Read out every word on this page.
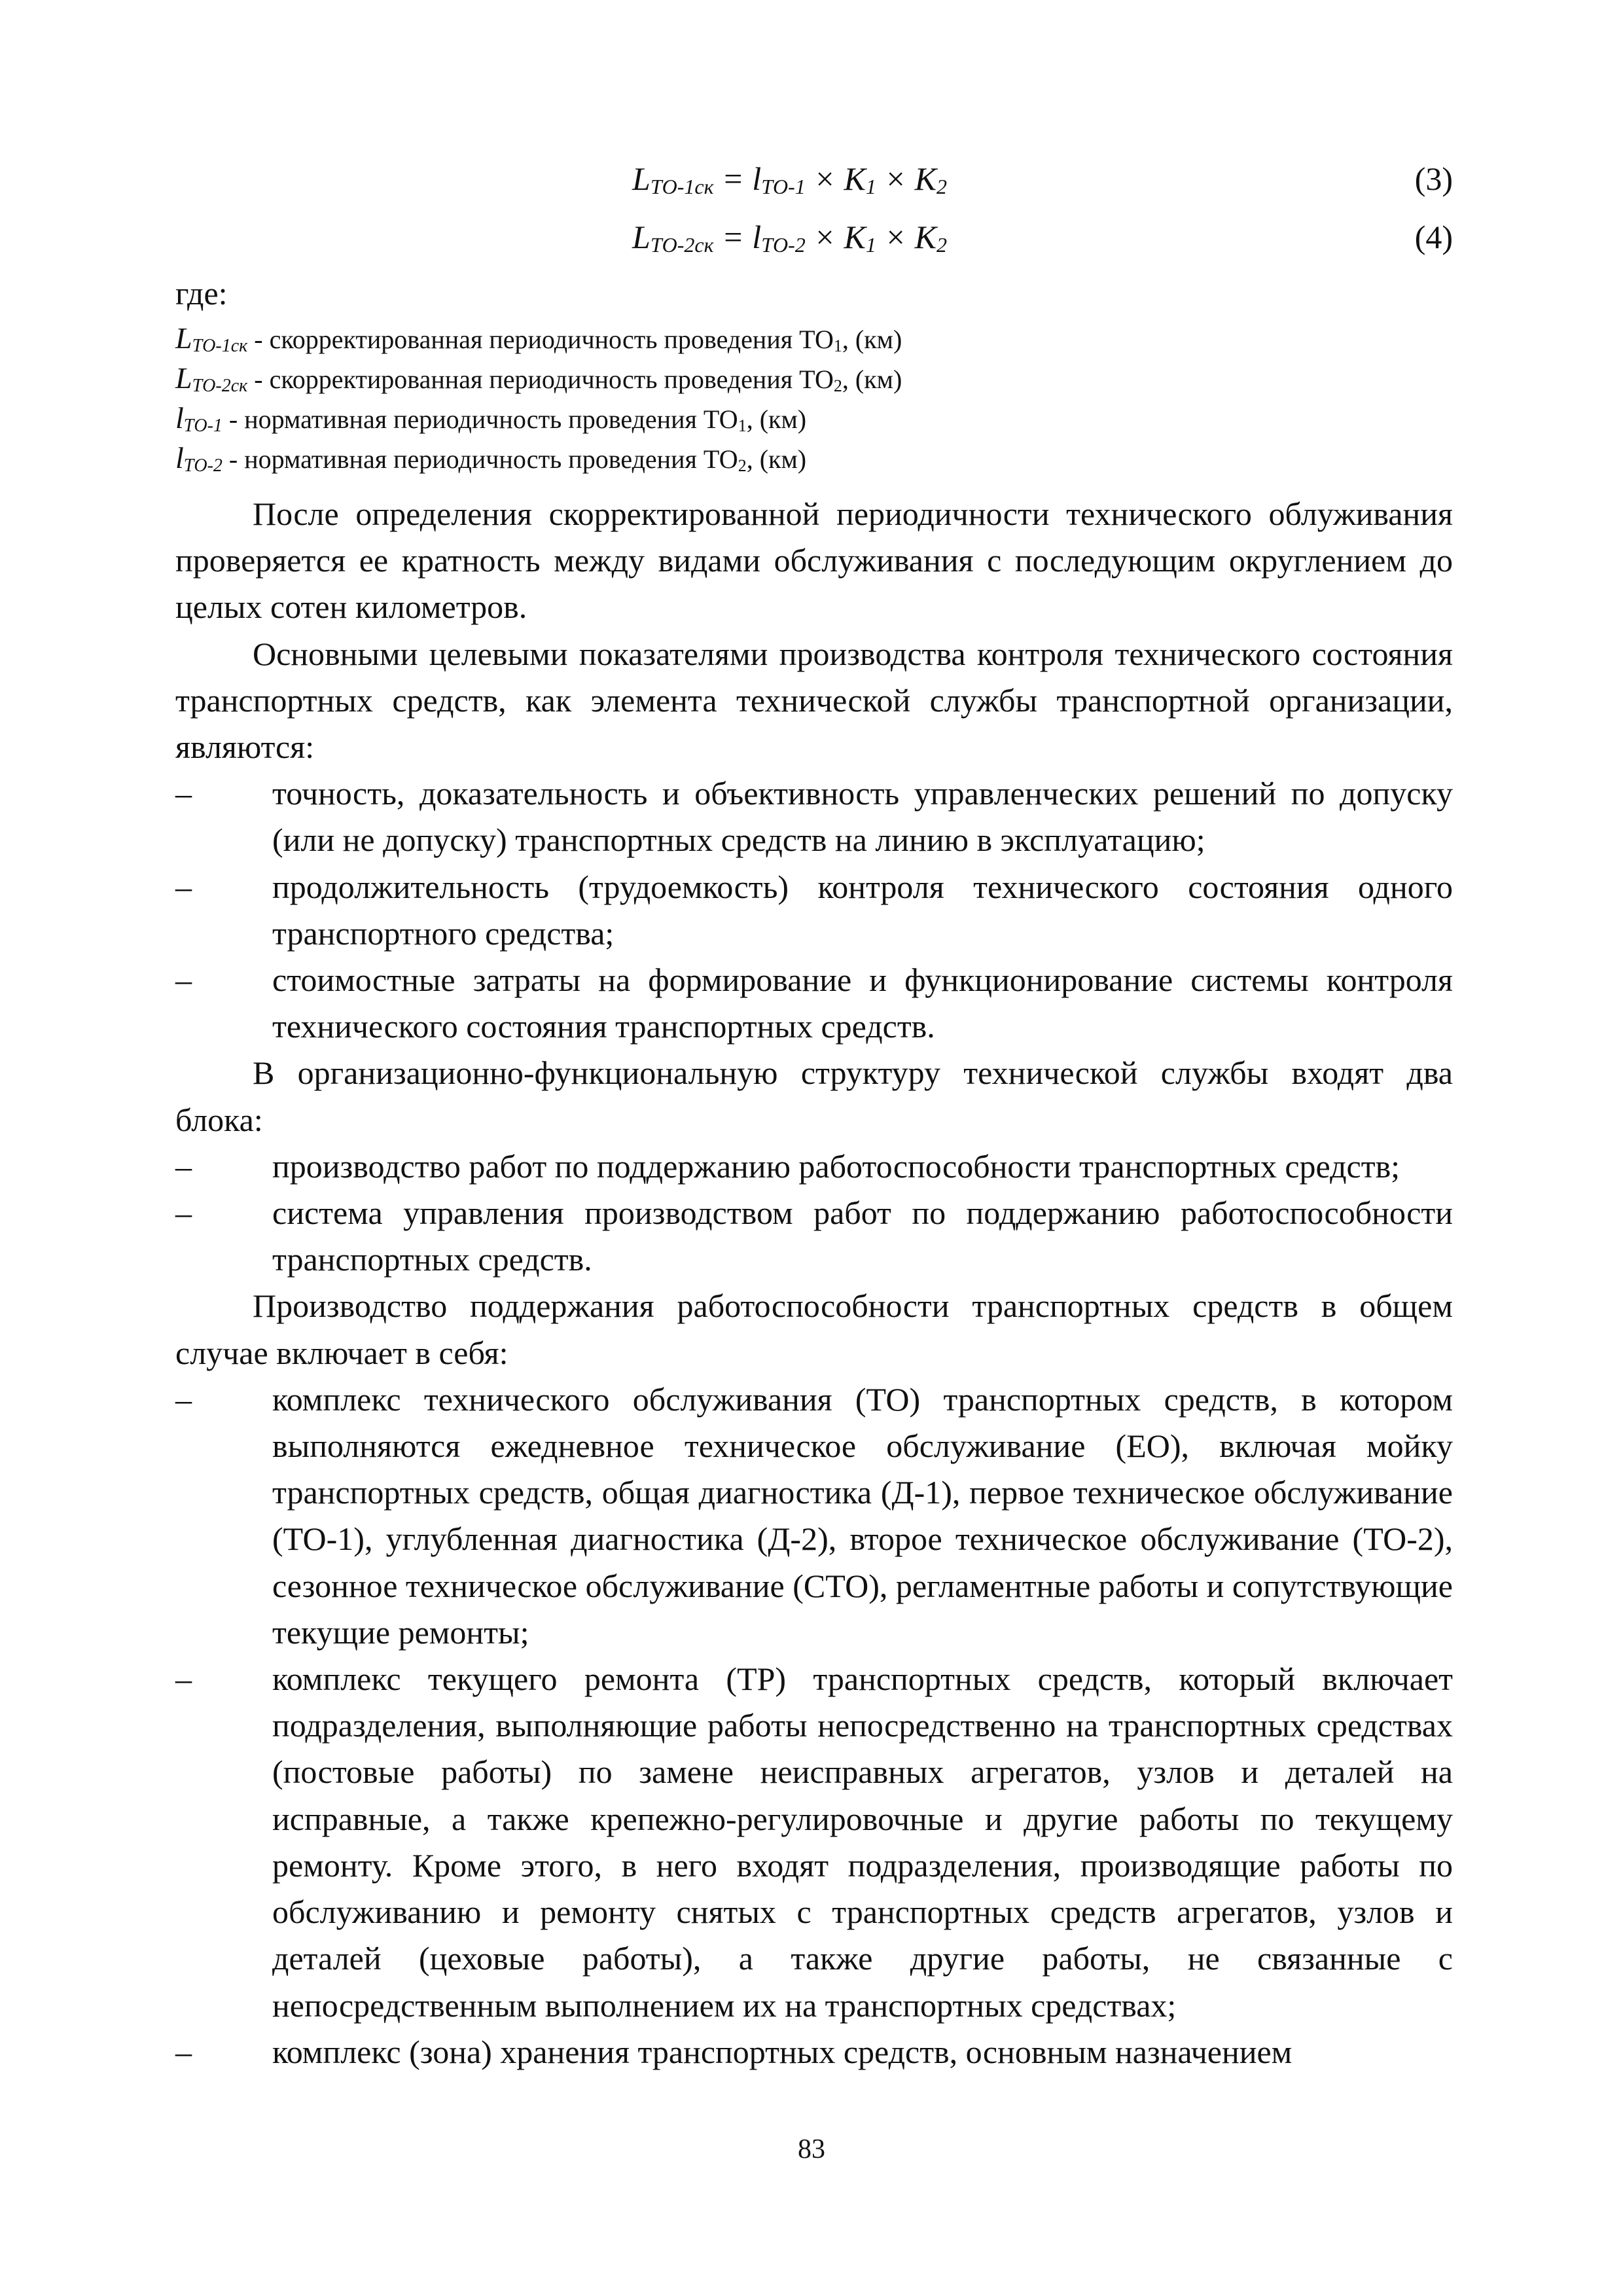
$L_{ТО-1ск} = l_{ТО-1} \times K_1 \times K_2$	(3)
$L_{ТО-2ск} = l_{ТО-2} \times K_1 \times K_2$	(4)
где:
$L_{ТО-1ск}$ - скорректированная периодичность проведения $ТО_1$, (км)
$L_{ТО-2ск}$ - скорректированная периодичность проведения $ТО_2$, (км)
$l_{ТО-1}$ - нормативная периодичность проведения $ТО_1$, (км)
$l_{ТО-2}$ - нормативная периодичность проведения $ТО_2$, (км)

После определения скорректированной периодичности технического облуживания проверяется ее кратность между видами обслуживания с последующим округлением до целых сотен километров.

Основными целевыми показателями производства контроля технического состояния транспортных средств, как элемента технической службы транспортной организации, являются:

– точность, доказательность и объективность управленческих решений по допуску (или не допуску) транспортных средств на линию в эксплуатацию;
– продолжительность (трудоемкость) контроля технического состояния одного транспортного средства;
– стоимостные затраты на формирование и функционирование системы контроля технического состояния транспортных средств.

В организационно-функциональную структуру технической службы входят два блока:

– производство работ по поддержанию работоспособности транспортных средств;
– система управления производством работ по поддержанию работоспособности транспортных средств.

Производство поддержания работоспособности транспортных средств в общем случае включает в себя:

– комплекс технического обслуживания (ТО) транспортных средств, в котором выполняются ежедневное техническое обслуживание (ЕО), включая мойку транспортных средств, общая диагностика (Д-1), первое техническое обслуживание (ТО-1), углубленная диагностика (Д-2), второе техническое обслуживание (ТО-2), сезонное техническое обслуживание (СТО), регламентные работы и сопутствующие текущие ремонты;
– комплекс текущего ремонта (ТР) транспортных средств, который включает подразделения, выполняющие работы непосредственно на транспортных средствах (постовые работы) по замене неисправных агрегатов, узлов и деталей на исправные, а также крепежно-регулировочные и другие работы по текущему ремонту. Кроме этого, в него входят подразделения, производящие работы по обслуживанию и ремонту снятых с транспортных средств агрегатов, узлов и деталей (цеховые работы), а также другие работы, не связанные с непосредственным выполнением их на транспортных средствах;
– комплекс (зона) хранения транспортных средств, основным назначением
83
